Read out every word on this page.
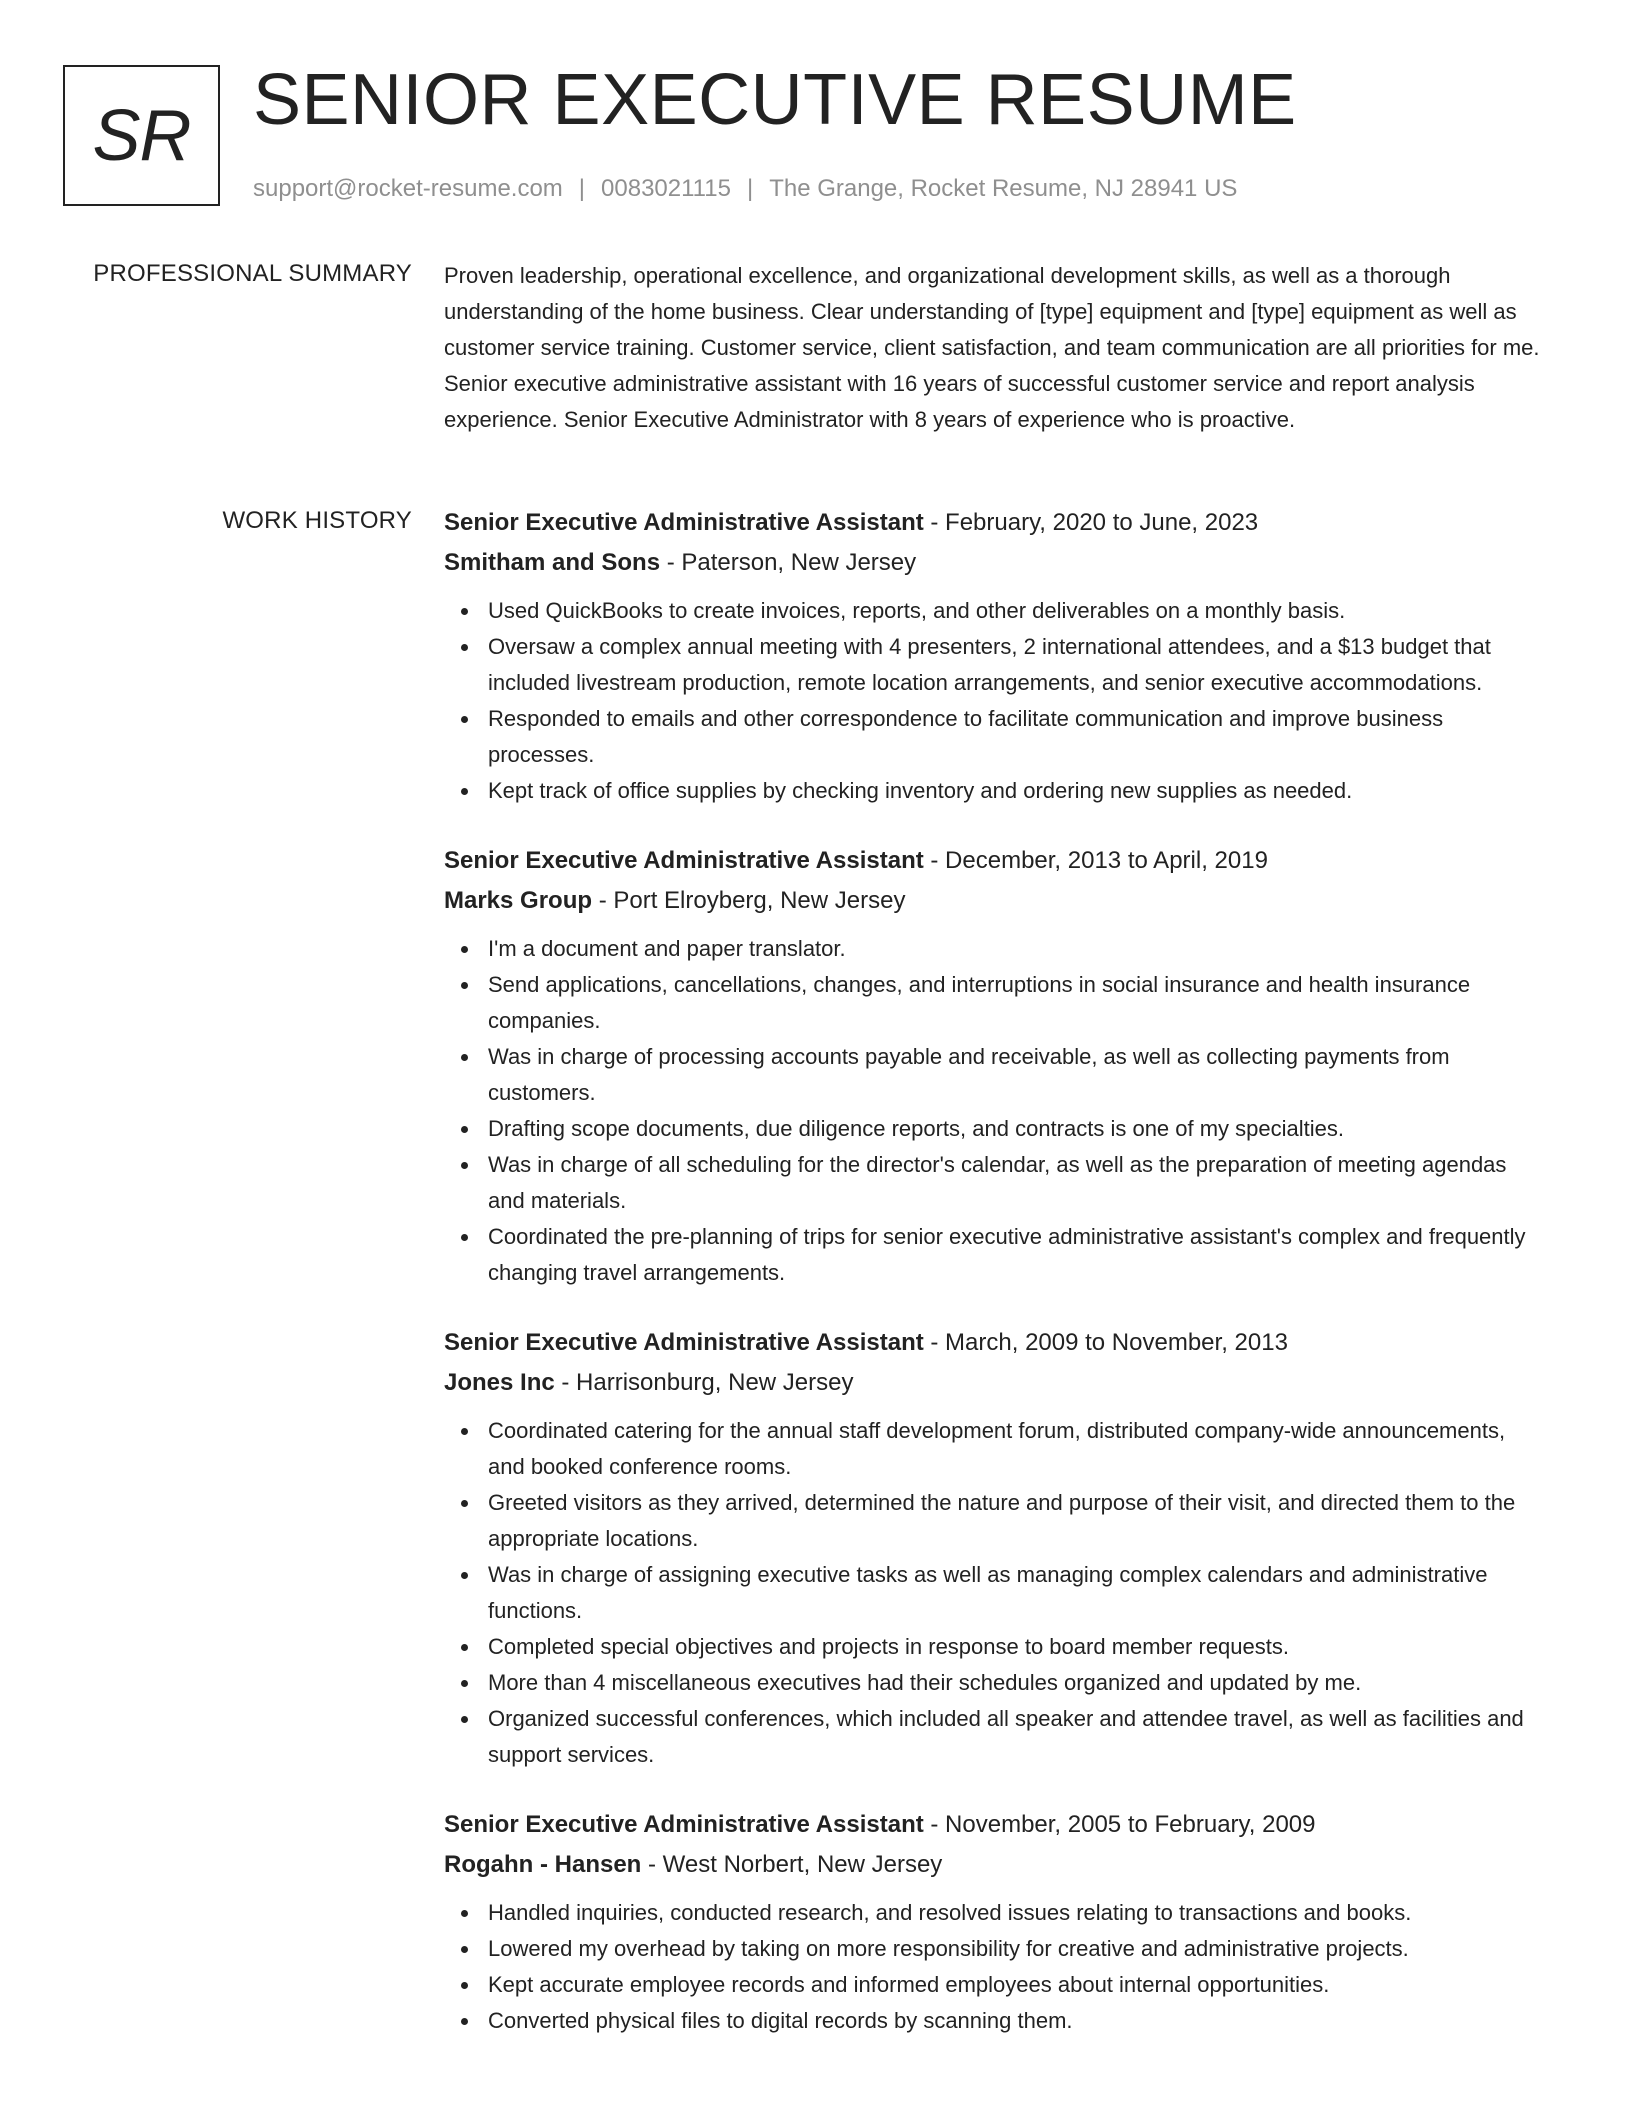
SR SENIOR EXECUTIVE RESUME
support@rocket-resume.com | 0083021115 | The Grange, Rocket Resume, NJ 28941 US
PROFESSIONAL SUMMARY Proven leadership, operational excellence, and organizational development skills, as well as a thorough understanding of the home business. Clear understanding of [type] equipment and [type] equipment as well as customer service training. Customer service, client satisfaction, and team communication are all priorities for me. Senior executive administrative assistant with 16 years of successful customer service and report analysis experience. Senior Executive Administrator with 8 years of experience who is proactive.
WORK HISTORY Senior Executive Administrative Assistant - February, 2020 to June, 2023
Smitham and Sons - Paterson, New Jersey
Used QuickBooks to create invoices, reports, and other deliverables on a monthly basis.
Oversaw a complex annual meeting with 4 presenters, 2 international attendees, and a $13 budget that included livestream production, remote location arrangements, and senior executive accommodations.
Responded to emails and other correspondence to facilitate communication and improve business processes.
Kept track of office supplies by checking inventory and ordering new supplies as needed.
Senior Executive Administrative Assistant - December, 2013 to April, 2019
Marks Group - Port Elroyberg, New Jersey
I'm a document and paper translator.
Send applications, cancellations, changes, and interruptions in social insurance and health insurance companies.
Was in charge of processing accounts payable and receivable, as well as collecting payments from customers.
Drafting scope documents, due diligence reports, and contracts is one of my specialties.
Was in charge of all scheduling for the director's calendar, as well as the preparation of meeting agendas and materials.
Coordinated the pre-planning of trips for senior executive administrative assistant's complex and frequently changing travel arrangements.
Senior Executive Administrative Assistant - March, 2009 to November, 2013
Jones Inc - Harrisonburg, New Jersey
Coordinated catering for the annual staff development forum, distributed company-wide announcements, and booked conference rooms.
Greeted visitors as they arrived, determined the nature and purpose of their visit, and directed them to the appropriate locations.
Was in charge of assigning executive tasks as well as managing complex calendars and administrative functions.
Completed special objectives and projects in response to board member requests.
More than 4 miscellaneous executives had their schedules organized and updated by me.
Organized successful conferences, which included all speaker and attendee travel, as well as facilities and support services.
Senior Executive Administrative Assistant - November, 2005 to February, 2009
Rogahn - Hansen - West Norbert, New Jersey
Handled inquiries, conducted research, and resolved issues relating to transactions and books.
Lowered my overhead by taking on more responsibility for creative and administrative projects.
Kept accurate employee records and informed employees about internal opportunities.
Converted physical files to digital records by scanning them.
